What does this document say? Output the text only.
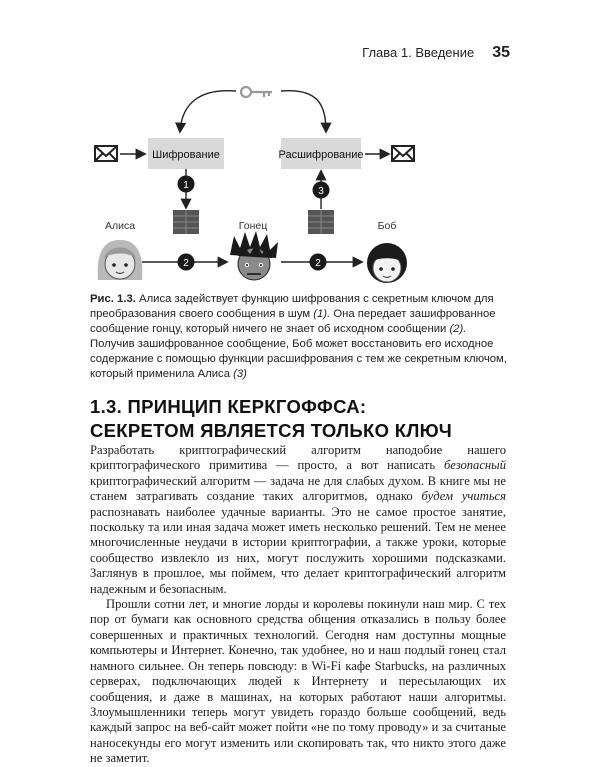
Глава 1. Введение 35
Шифрование	Расшифрование
1
3
Алиса	Гонец	Боб
2	2
Рис. 1.3. Алиса задействует функцию шифрования с секретным ключом для преобразования своего сообщения в шум (1). Она передает зашифрованное сообщение гонцу, который ничего не знает об исходном сообщении (2). Получив зашифрованное сообщение, Боб может восстановить его исходное содержание с помощью функции расшифрования с тем же секретным ключом, который применила Алиса (3)
1.3. ПРИНЦИП КЕРКГОФФСА:
СЕКРЕТОМ ЯВЛЯЕТСЯ ТОЛЬКО КЛЮЧ

Разработать криптографический алгоритм наподобие нашего криптографического примитива — просто, а вот написать безопасный криптографический алгоритм — задача не для слабых духом. В книге мы не станем затрагивать создание таких алгоритмов, однако будем учиться распознавать наиболее удачные варианты. Это не самое простое занятие, поскольку та или иная задача может иметь несколько решений. Тем не менее многочисленные неудачи в истории криптографии, а также уроки, которые сообщество извлекло из них, могут послужить хорошими подсказками. Заглянув в прошлое, мы поймем, что делает криптографический алгоритм надежным и безопасным.

Прошли сотни лет, и многие лорды и королевы покинули наш мир. С тех пор от бумаги как основного средства общения отказались в пользу более совершенных и практичных технологий. Сегодня нам доступны мощные компьютеры и Интернет. Конечно, так удобнее, но и наш подлый гонец стал намного сильнее. Он теперь повсюду: в Wi-Fi кафе Starbucks, на различных серверах, подключающих людей к Интернету и пересылающих их сообщения, и даже в машинах, на которых работают наши алгоритмы. Злоумышленники теперь могут увидеть гораздо больше сообщений, ведь каждый запрос на веб-сайт может пойти «не по тому проводу» и за считаные наносекунды его могут изменить или скопировать так, что никто этого даже не заметит.
